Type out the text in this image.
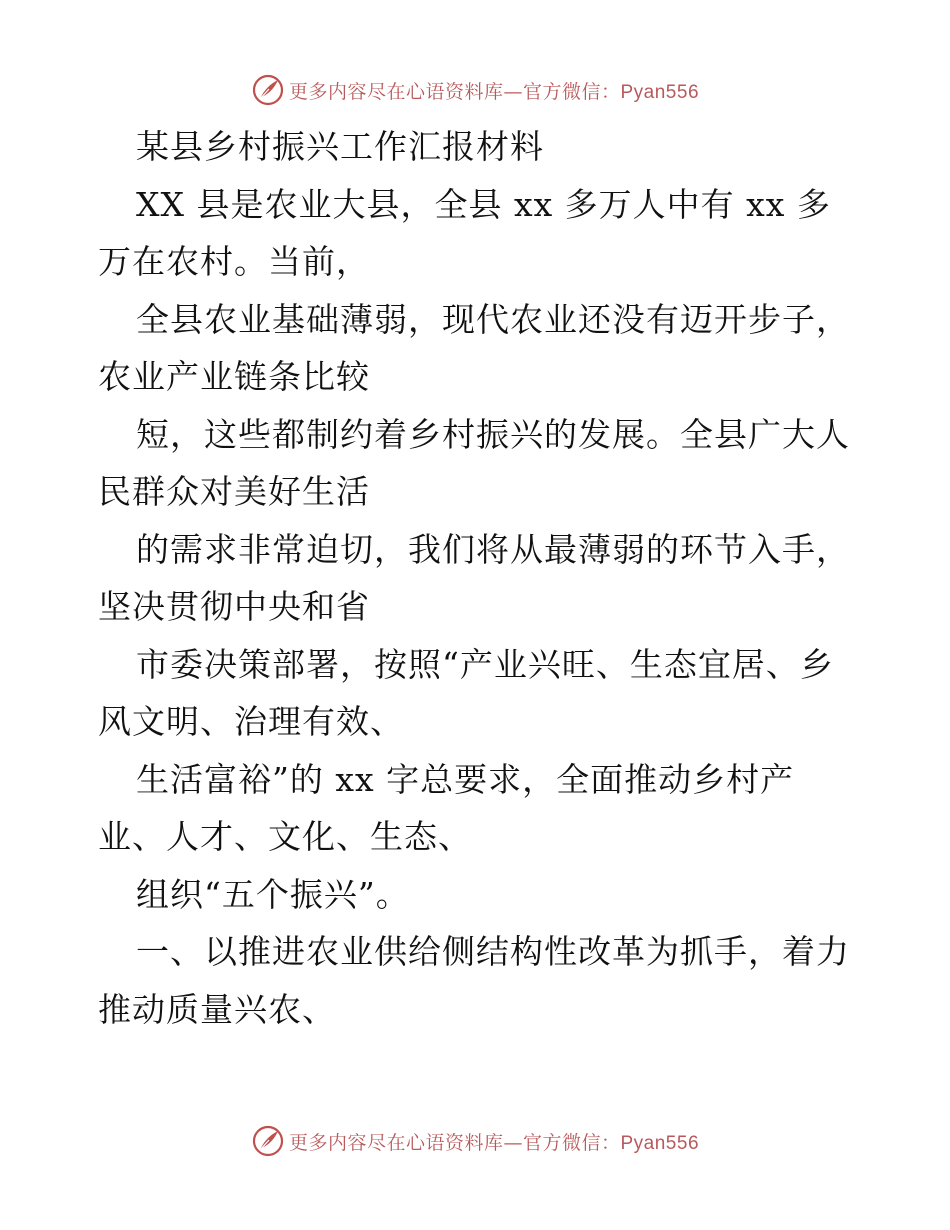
更多内容尽在心语资料库—官方微信：Pyan556
某县乡村振兴工作汇报材料
XX 县是农业大县，全县 xx 多万人中有 xx 多
万在农村。当前，
全县农业基础薄弱，现代农业还没有迈开步子，
农业产业链条比较
短，这些都制约着乡村振兴的发展。全县广大人
民群众对美好生活
的需求非常迫切，我们将从最薄弱的环节入手，
坚决贯彻中央和省
市委决策部署，按照“产业兴旺、生态宜居、乡
风文明、治理有效、
生活富裕”的 xx 字总要求，全面推动乡村产
业、人才、文化、生态、
组织“五个振兴”。
一、以推进农业供给侧结构性改革为抓手，着力
推动质量兴农、
更多内容尽在心语资料库—官方微信：Pyan556
